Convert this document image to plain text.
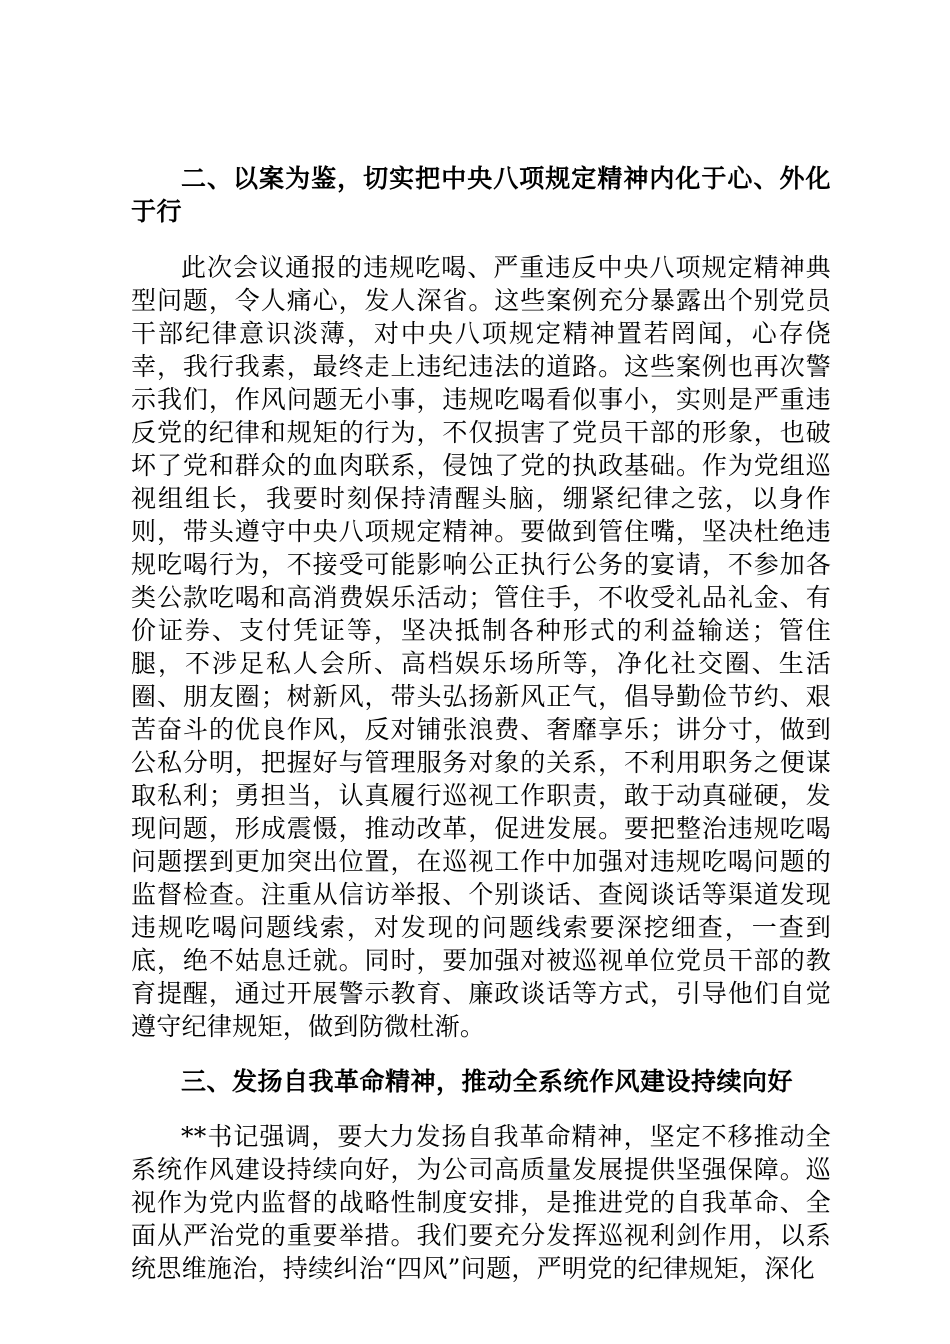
二、以案为鉴，切实把中央八项规定精神内化于心、外化于行

此次会议通报的违规吃喝、严重违反中央八项规定精神典型问题，令人痛心，发人深省。这些案例充分暴露出个别党员干部纪律意识淡薄，对中央八项规定精神置若罔闻，心存侥幸，我行我素，最终走上违纪违法的道路。这些案例也再次警示我们，作风问题无小事，违规吃喝看似事小，实则是严重违反党的纪律和规矩的行为，不仅损害了党员干部的形象，也破坏了党和群众的血肉联系，侵蚀了党的执政基础。作为党组巡视组组长，我要时刻保持清醒头脑，绷紧纪律之弦，以身作则，带头遵守中央八项规定精神。要做到管住嘴，坚决杜绝违规吃喝行为，不接受可能影响公正执行公务的宴请，不参加各类公款吃喝和高消费娱乐活动；管住手，不收受礼品礼金、有价证券、支付凭证等，坚决抵制各种形式的利益输送；管住腿，不涉足私人会所、高档娱乐场所等，净化社交圈、生活圈、朋友圈；树新风，带头弘扬新风正气，倡导勤俭节约、艰苦奋斗的优良作风，反对铺张浪费、奢靡享乐；讲分寸，做到公私分明，把握好与管理服务对象的关系，不利用职务之便谋取私利；勇担当，认真履行巡视工作职责，敢于动真碰硬，发现问题，形成震慑，推动改革，促进发展。要把整治违规吃喝问题摆到更加突出位置，在巡视工作中加强对违规吃喝问题的监督检查。注重从信访举报、个别谈话、查阅谈话等渠道发现违规吃喝问题线索，对发现的问题线索要深挖细查，一查到底，绝不姑息迁就。同时，要加强对被巡视单位党员干部的教育提醒，通过开展警示教育、廉政谈话等方式，引导他们自觉遵守纪律规矩，做到防微杜渐。

三、发扬自我革命精神，推动全系统作风建设持续向好

**书记强调，要大力发扬自我革命精神，坚定不移推动全系统作风建设持续向好，为公司高质量发展提供坚强保障。巡视作为党内监督的战略性制度安排，是推进党的自我革命、全面从严治党的重要举措。我们要充分发挥巡视利剑作用，以系统思维施治，持续纠治“四风”问题，严明党的纪律规矩，深化
